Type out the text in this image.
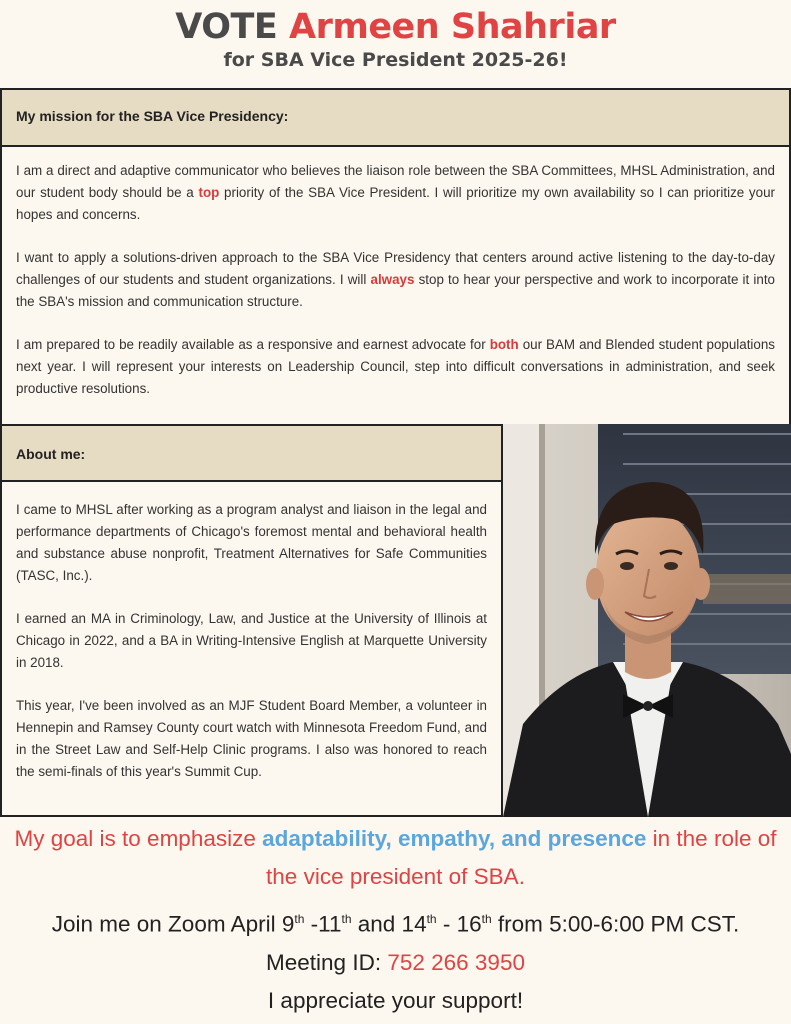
VOTE Armeen Shahriar
for SBA Vice President 2025-26!
My mission for the SBA Vice Presidency:

I am a direct and adaptive communicator who believes the liaison role between the SBA Committees, MHSL Administration, and our student body should be a top priority of the SBA Vice President. I will prioritize my own availability so I can prioritize your hopes and concerns.

I want to apply a solutions-driven approach to the SBA Vice Presidency that centers around active listening to the day-to-day challenges of our students and student organizations. I will always stop to hear your perspective and work to incorporate it into the SBA's mission and communication structure.

I am prepared to be readily available as a responsive and earnest advocate for both our BAM and Blended student populations next year. I will represent your interests on Leadership Council, step into difficult conversations in administration, and seek productive resolutions.

About me:

I came to MHSL after working as a program analyst and liaison in the legal and performance departments of Chicago's foremost mental and behavioral health and substance abuse nonprofit, Treatment Alternatives for Safe Communities (TASC, Inc.).

I earned an MA in Criminology, Law, and Justice at the University of Illinois at Chicago in 2022, and a BA in Writing-Intensive English at Marquette University in 2018.

This year, I've been involved as an MJF Student Board Member, a volunteer in Hennepin and Ramsey County court watch with Minnesota Freedom Fund, and in the Street Law and Self-Help Clinic programs. I also was honored to reach the semi-finals of this year's Summit Cup.

My goal is to emphasize adaptability, empathy, and presence in the role of the vice president of SBA.
Join me on Zoom April 9th -11th and 14th - 16th from 5:00-6:00 PM CST.
Meeting ID: 752 266 3950
I appreciate your support!
